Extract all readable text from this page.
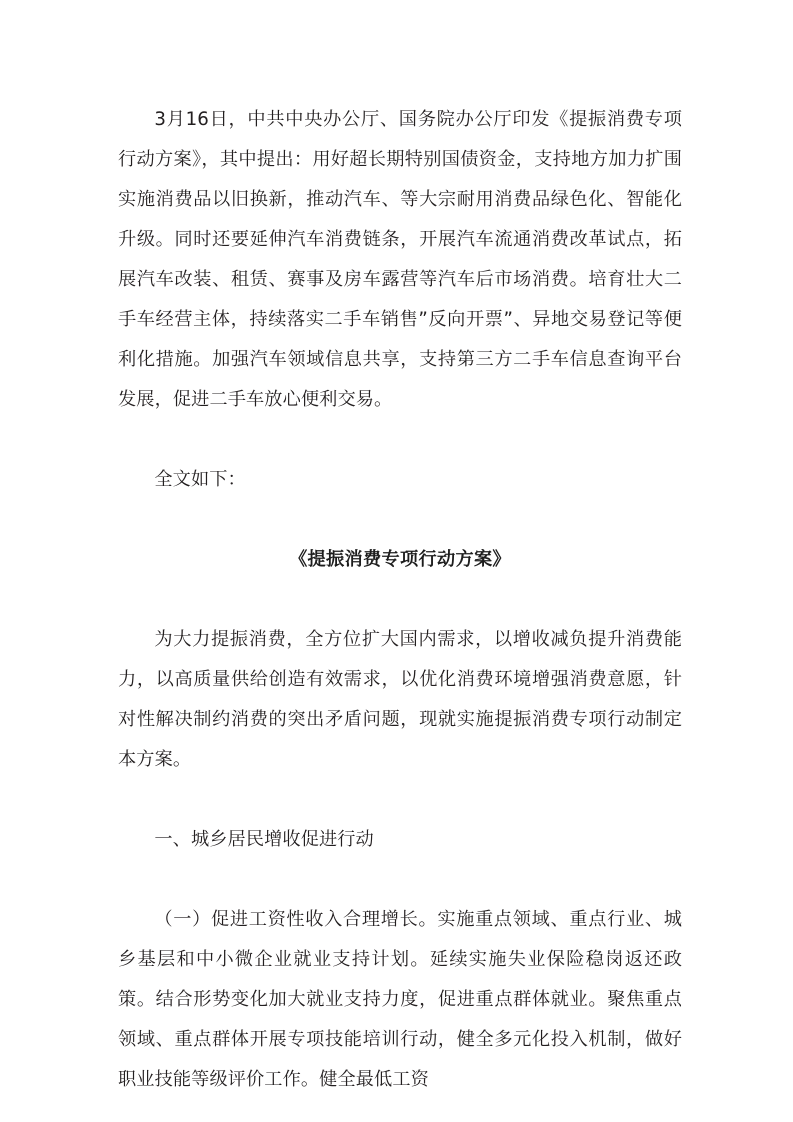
3月16日，中共中央办公厅、国务院办公厅印发《提振消费专项行动方案》，其中提出：用好超长期特别国债资金，支持地方加力扩围实施消费品以旧换新，推动汽车、等大宗耐用消费品绿色化、智能化升级。同时还要延伸汽车消费链条，开展汽车流通消费改革试点，拓展汽车改装、租赁、赛事及房车露营等汽车后市场消费。培育壮大二手车经营主体，持续落实二手车销售”反向开票”、异地交易登记等便利化措施。加强汽车领域信息共享，支持第三方二手车信息查询平台发展，促进二手车放心便利交易。

全文如下：

《提振消费专项行动方案》

为大力提振消费，全方位扩大国内需求，以增收减负提升消费能力，以高质量供给创造有效需求，以优化消费环境增强消费意愿，针对性解决制约消费的突出矛盾问题，现就实施提振消费专项行动制定本方案。

一、城乡居民增收促进行动

（一）促进工资性收入合理增长。实施重点领域、重点行业、城乡基层和中小微企业就业支持计划。延续实施失业保险稳岗返还政策。结合形势变化加大就业支持力度，促进重点群体就业。聚焦重点领域、重点群体开展专项技能培训行动，健全多元化投入机制，做好职业技能等级评价工作。健全最低工资
